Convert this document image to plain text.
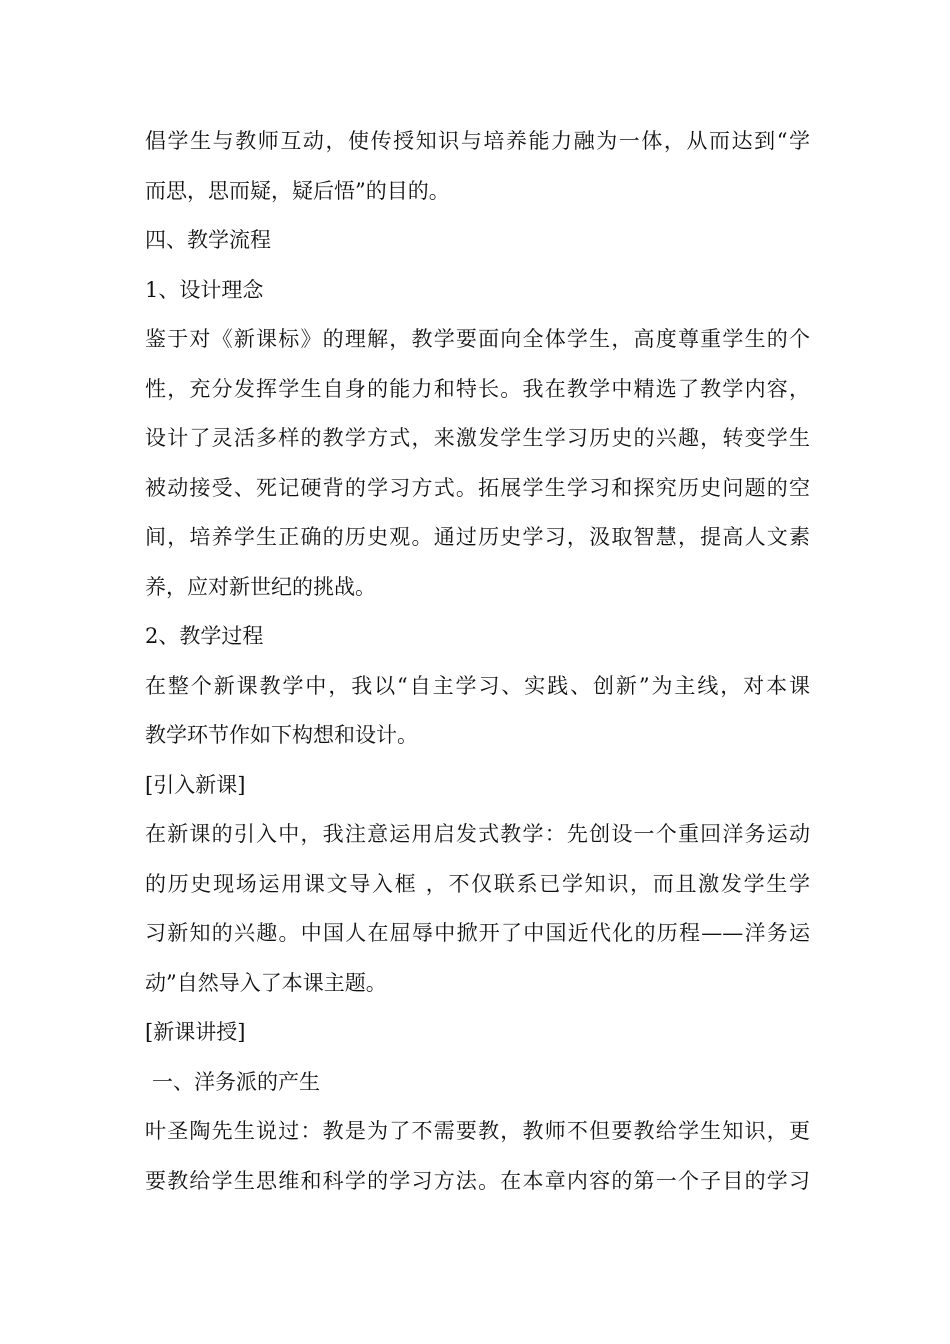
倡学生与教师互动，使传授知识与培养能力融为一体，从而达到“学
而思，思而疑，疑后悟”的目的。
四、教学流程
1、设计理念
鉴于对《新课标》的理解，教学要面向全体学生，高度尊重学生的个
性，充分发挥学生自身的能力和特长。我在教学中精选了教学内容，
设计了灵活多样的教学方式，来激发学生学习历史的兴趣，转变学生
被动接受、死记硬背的学习方式。拓展学生学习和探究历史问题的空
间，培养学生正确的历史观。通过历史学习，汲取智慧，提高人文素
养，应对新世纪的挑战。
2、教学过程
在整个新课教学中，我以“自主学习、实践、创新”为主线，对本课
教学环节作如下构想和设计。
[引入新课]
在新课的引入中，我注意运用启发式教学：先创设一个重回洋务运动
的历史现场运用课文导入框 ，不仅联系已学知识，而且激发学生学
习新知的兴趣。中国人在屈辱中掀开了中国近代化的历程——洋务运
动”自然导入了本课主题。
[新课讲授]
一、洋务派的产生
叶圣陶先生说过：教是为了不需要教，教师不但要教给学生知识，更
要教给学生思维和科学的学习方法。在本章内容的第一个子目的学习
